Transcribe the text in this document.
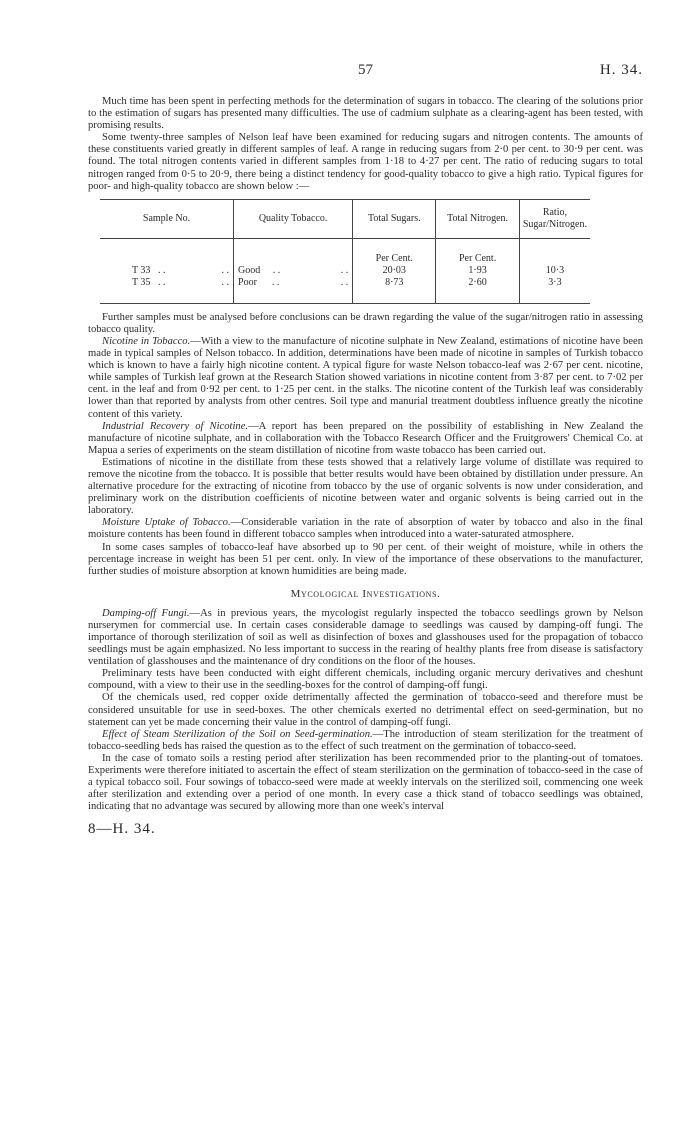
57	H. 34.

Much time has been spent in perfecting methods for the determination of sugars in tobacco. The clearing of the solutions prior to the estimation of sugars has presented many difficulties. The use of cadmium sulphate as a clearing-agent has been tested, with promising results.

Some twenty-three samples of Nelson leaf have been examined for reducing sugars and nitrogen contents. The amounts of these constituents varied greatly in different samples of leaf. A range in reducing sugars from 2·0 per cent. to 30·9 per cent. was found. The total nitrogen contents varied in different samples from 1·18 to 4·27 per cent. The ratio of reducing sugars to total nitrogen ranged from 0·5 to 20·9, there being a distinct tendency for good-quality tobacco to give a high ratio. Typical figures for poor- and high-quality tobacco are shown below :—

Sample No.	Quality Tobacco.	Total Sugars.	Total Nitrogen.	Ratio, Sugar/Nitrogen.
		Per Cent.	Per Cent.	

T 33 . . . .	Good . . . .	20·03	1·93	10·3

T 35 . . . .	Poor . . . .	8·73	2·60	3·3

Further samples must be analysed before conclusions can be drawn regarding the value of the sugar/nitrogen ratio in assessing tobacco quality.

Nicotine in Tobacco.—With a view to the manufacture of nicotine sulphate in New Zealand, estimations of nicotine have been made in typical samples of Nelson tobacco. In addition, determinations have been made of nicotine in samples of Turkish tobacco which is known to have a fairly high nicotine content. A typical figure for waste Nelson tobacco-leaf was 2·67 per cent. nicotine, while samples of Turkish leaf grown at the Research Station showed variations in nicotine content from 3·87 per cent. to 7·02 per cent. in the leaf and from 0·92 per cent. to 1·25 per cent. in the stalks. The nicotine content of the Turkish leaf was considerably lower than that reported by analysts from other centres. Soil type and manurial treatment doubtless influence greatly the nicotine content of this variety.

Industrial Recovery of Nicotine.—A report has been prepared on the possibility of establishing in New Zealand the manufacture of nicotine sulphate, and in collaboration with the Tobacco Research Officer and the Fruitgrowers' Chemical Co. at Mapua a series of experiments on the steam distillation of nicotine from waste tobacco has been carried out.

Estimations of nicotine in the distillate from these tests showed that a relatively large volume of distillate was required to remove the nicotine from the tobacco. It is possible that better results would have been obtained by distillation under pressure. An alternative procedure for the extracting of nicotine from tobacco by the use of organic solvents is now under consideration, and preliminary work on the distribution coefficients of nicotine between water and organic solvents is being carried out in the laboratory.

Moisture Uptake of Tobacco.—Considerable variation in the rate of absorption of water by tobacco and also in the final moisture contents has been found in different tobacco samples when introduced into a water-saturated atmosphere.

In some cases samples of tobacco-leaf have absorbed up to 90 per cent. of their weight of moisture, while in others the percentage increase in weight has been 51 per cent. only. In view of the importance of these observations to the manufacturer, further studies of moisture absorption at known humidities are being made.

Mycological Investigations.

Damping-off Fungi.—As in previous years, the mycologist regularly inspected the tobacco seedlings grown by Nelson nurserymen for commercial use. In certain cases considerable damage to seedlings was caused by damping-off fungi. The importance of thorough sterilization of soil as well as disinfection of boxes and glasshouses used for the propagation of tobacco seedlings must be again emphasized. No less important to success in the rearing of healthy plants free from disease is satisfactory ventilation of glasshouses and the maintenance of dry conditions on the floor of the houses.

Preliminary tests have been conducted with eight different chemicals, including organic mercury derivatives and cheshunt compound, with a view to their use in the seedling-boxes for the control of damping-off fungi.

Of the chemicals used, red copper oxide detrimentally affected the germination of tobacco-seed and therefore must be considered unsuitable for use in seed-boxes. The other chemicals exerted no detrimental effect on seed-germination, but no statement can yet be made concerning their value in the control of damping-off fungi.

Effect of Steam Sterilization of the Soil on Seed-germination.—The introduction of steam sterilization for the treatment of tobacco-seedling beds has raised the question as to the effect of such treatment on the germination of tobacco-seed.

In the case of tomato soils a resting period after sterilization has been recommended prior to the planting-out of tomatoes. Experiments were therefore initiated to ascertain the effect of steam sterilization on the germination of tobacco-seed in the case of a typical tobacco soil. Four sowings of tobacco-seed were made at weekly intervals on the sterilized soil, commencing one week after sterilization and extending over a period of one month. In every case a thick stand of tobacco seedlings was obtained, indicating that no advantage was secured by allowing more than one week's interval

8—H. 34.
